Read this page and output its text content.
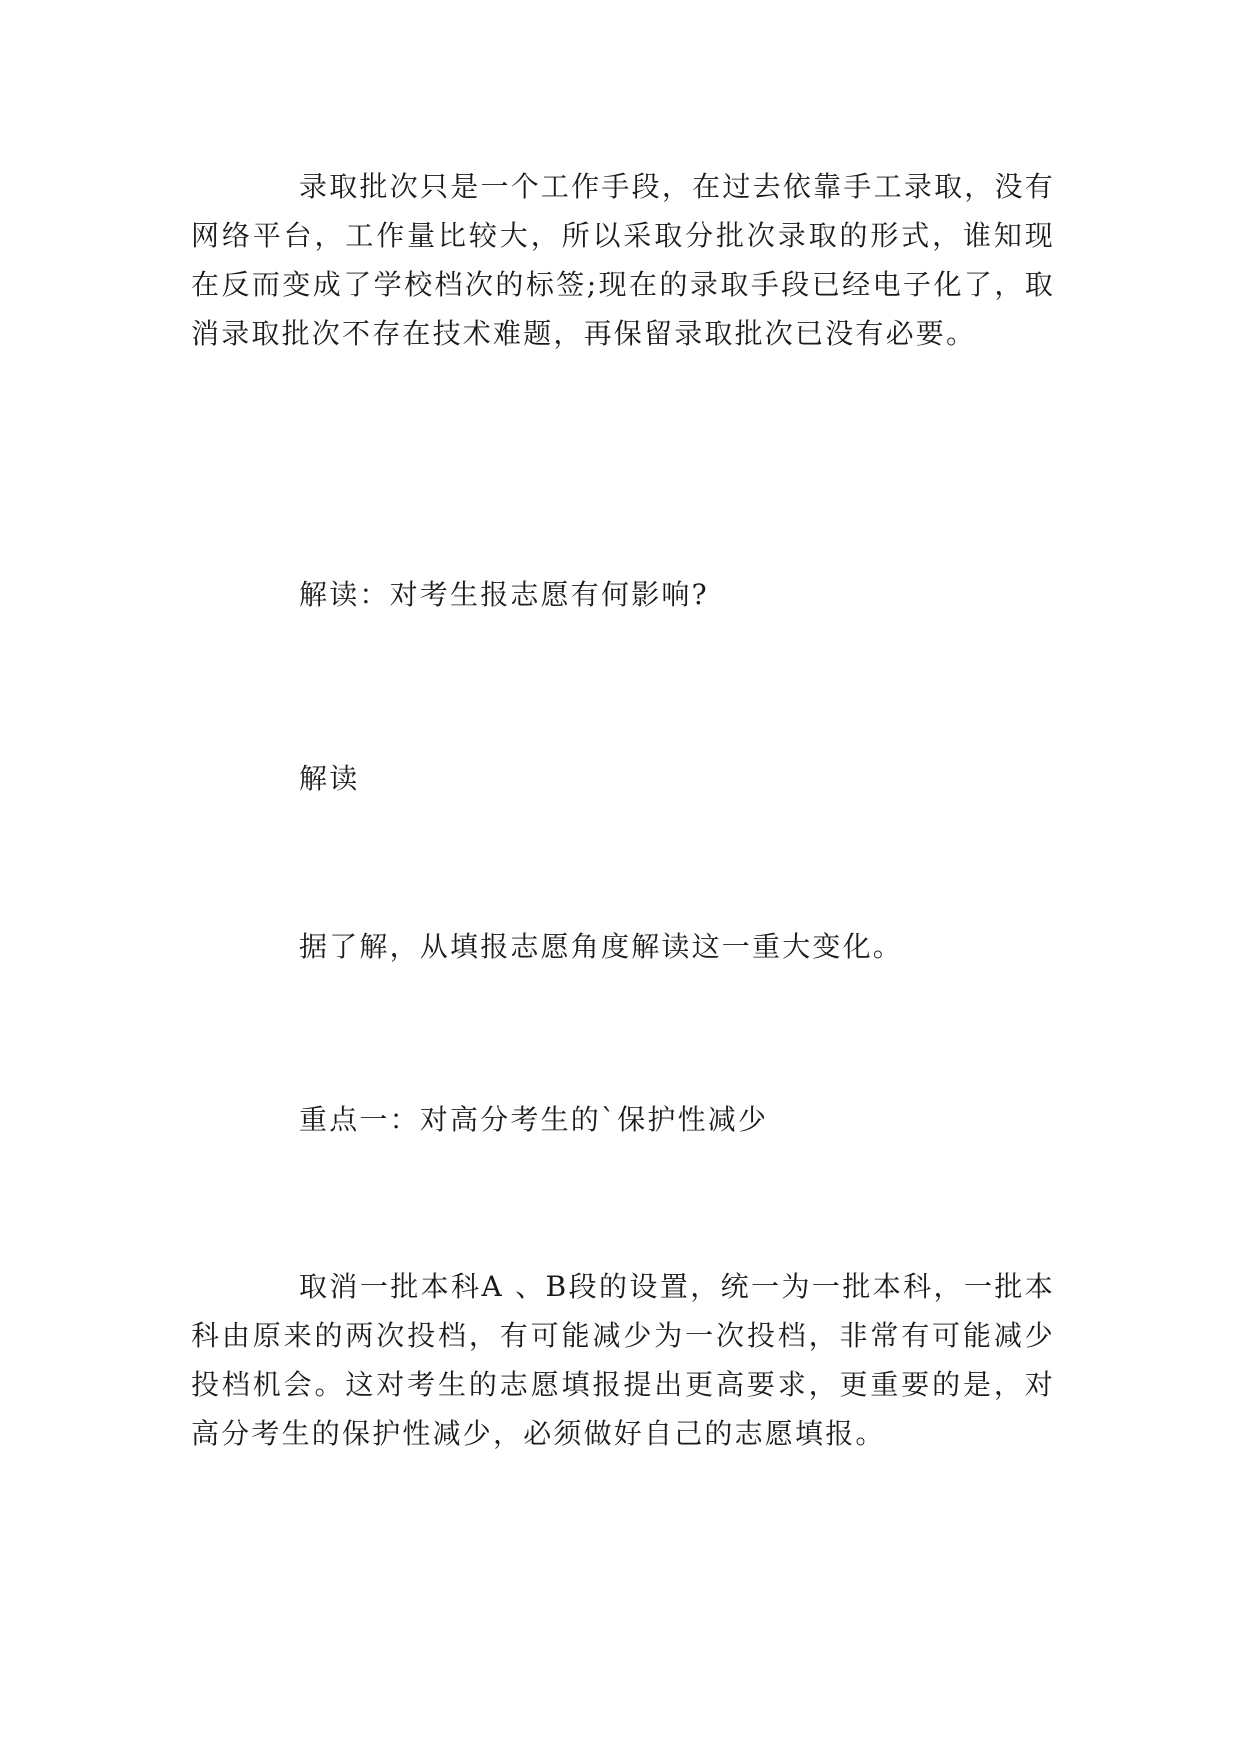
录取批次只是一个工作手段，在过去依靠手工录取，没有网络平台，工作量比较大，所以采取分批次录取的形式，谁知现在反而变成了学校档次的标签;现在的录取手段已经电子化了，取消录取批次不存在技术难题，再保留录取批次已没有必要。

解读：对考生报志愿有何影响?

解读

据了解，从填报志愿角度解读这一重大变化。

重点一：对高分考生的`保护性减少

取消一批本科A 、B段的设置，统一为一批本科，一批本科由原来的两次投档，有可能减少为一次投档，非常有可能减少投档机会。这对考生的志愿填报提出更高要求，更重要的是，对高分考生的保护性减少，必须做好自己的志愿填报。
